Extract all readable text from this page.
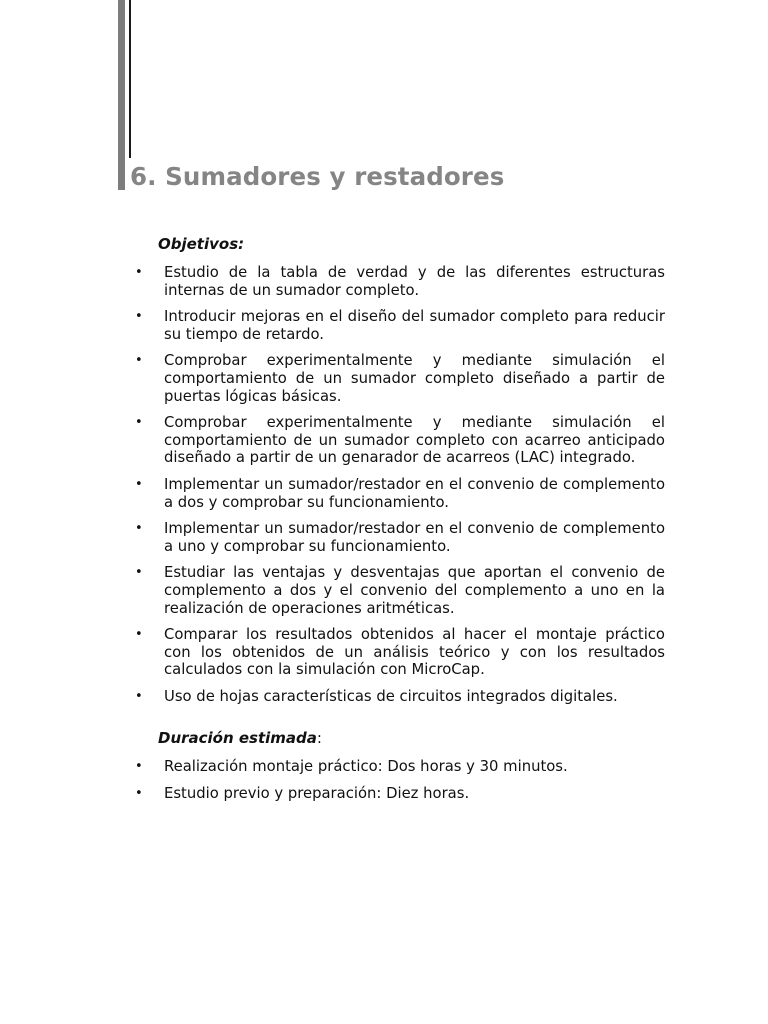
6. Sumadores y restadores
Objetivos:
• Estudio de la tabla de verdad y de las diferentes estructuras internas de un sumador completo.
• Introducir mejoras en el diseño del sumador completo para reducir su tiempo de retardo.
• Comprobar experimentalmente y mediante simulación el comportamiento de un sumador completo diseñado a partir de puertas lógicas básicas.
• Comprobar experimentalmente y mediante simulación el comportamiento de un sumador completo con acarreo anticipado diseñado a partir de un genarador de acarreos (LAC) integrado.
• Implementar un sumador/restador en el convenio de complemento a dos y comprobar su funcionamiento.
• Implementar un sumador/restador en el convenio de complemento a uno y comprobar su funcionamiento.
• Estudiar las ventajas y desventajas que aportan el convenio de complemento a dos y el convenio del complemento a uno en la realización de operaciones aritméticas.
• Comparar los resultados obtenidos al hacer el montaje práctico con los obtenidos de un análisis teórico y con los resultados calculados con la simulación con MicroCap.
• Uso de hojas características de circuitos integrados digitales.
Duración estimada:
• Realización montaje práctico: Dos horas y 30 minutos.
• Estudio previo y preparación: Diez horas.
